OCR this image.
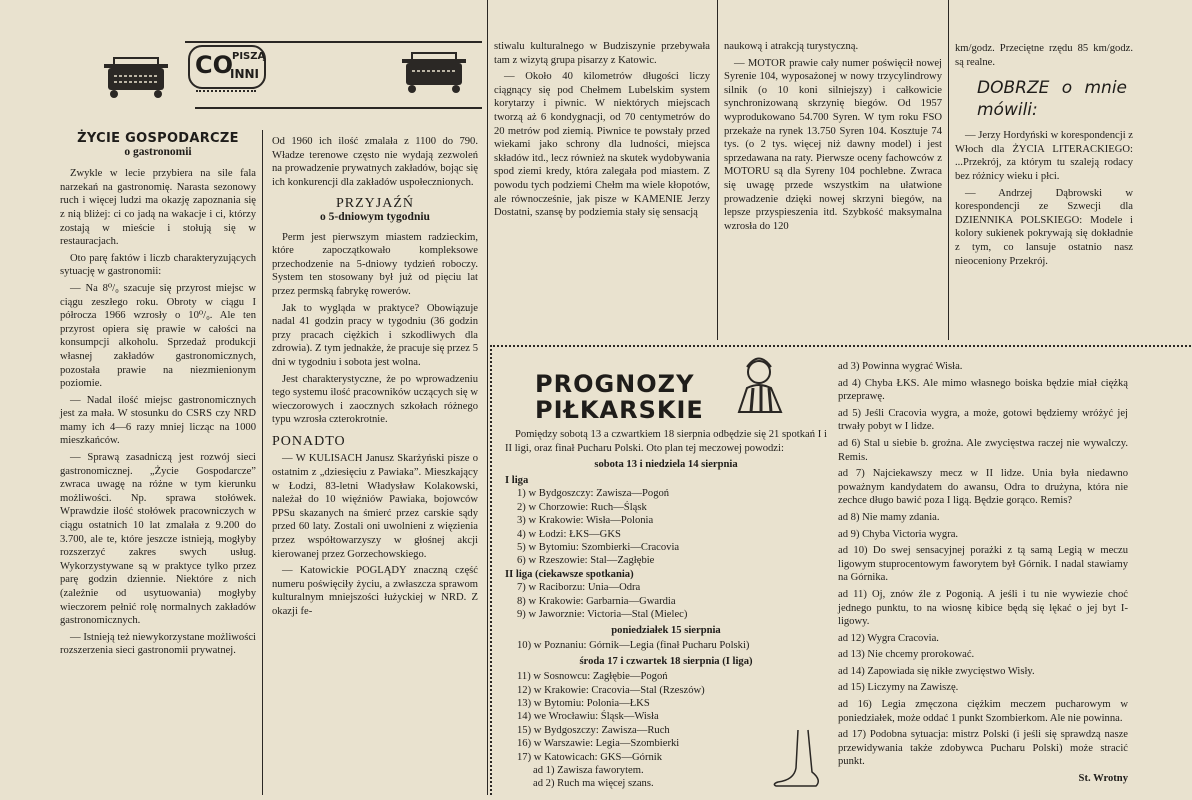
CO
PISZĄ
INNI
ŻYCIE GOSPODARCZE
o gastronomii

Zwykle w lecie przybiera na sile fala narzekań na gastronomię. Narasta sezonowy ruch i więcej ludzi ma okazję zapoznania się z nią bliżej: ci co jadą na wakacje i ci, którzy zostają w mieście i stołują się w restauracjach.

Oto parę faktów i liczb charakteryzujących sytuację w gastronomii:

— Na 8⁰/₀ szacuje się przyrost miejsc w ciągu zeszłego roku. Obroty w ciągu I półrocza 1966 wzrosły o 10⁰/₀. Ale ten przyrost opiera się prawie w całości na konsumpcji alkoholu. Sprzedaż produkcji własnej zakładów gastronomicznych, pozostała prawie na niezmienionym poziomie.

— Nadal ilość miejsc gastronomicznych jest za mała. W stosunku do CSRS czy NRD mamy ich 4—6 razy mniej licząc na 1000 mieszkańców.

— Sprawą zasadniczą jest rozwój sieci gastronomicznej. „Życie Gospodarcze” zwraca uwagę na różne w tym kierunku możliwości. Np. sprawa stołówek. Wprawdzie ilość stołówek pracowniczych w ciągu ostatnich 10 lat zmalała z 9.200 do 3.700, ale te, które jeszcze istnieją, mogłyby rozszerzyć zakres swych usług. Wykorzystywane są w praktyce tylko przez parę godzin dziennie. Niektóre z nich (zależnie od usytuowania) mogłyby wieczorem pełnić rolę normalnych zakładów gastronomicznych.

— Istnieją też niewykorzystane możliwości rozszerzenia sieci gastronomii prywatnej.

Od 1960 ich ilość zmalała z 1100 do 790. Władze terenowe często nie wydają zezwoleń na prowadzenie prywatnych zakładów, bojąc się ich konkurencji dla zakładów uspołecznionych.

PRZYJAŹŃ
o 5-dniowym tygodniu

Perm jest pierwszym miastem radzieckim, które zapoczątkowało kompleksowe przechodzenie na 5-dniowy tydzień roboczy. System ten stosowany był już od pięciu lat przez permską fabrykę rowerów.

Jak to wygląda w praktyce? Obowiązuje nadal 41 godzin pracy w tygodniu (36 godzin przy pracach ciężkich i szkodliwych dla zdrowia). Z tym jednakże, że pracuje się przez 5 dni w tygodniu i sobota jest wolna.

Jest charakterystyczne, że po wprowadzeniu tego systemu ilość pracowników uczących się w wieczorowych i zaocznych szkołach różnego typu wzrosła czterokrotnie.

PONADTO

— W KULISACH Janusz Skarżyński pisze o ostatnim z „dziesięciu z Pawiaka”. Mieszkający w Łodzi, 83-letni Władysław Kolakowski, należał do 10 więźniów Pawiaka, bojowców PPSu skazanych na śmierć przez carskie sądy przed 60 laty. Zostali oni uwolnieni z więzienia przez współtowarzyszy w głośnej akcji kierowanej przez Gorzechowskiego.

— Katowickie POGLĄDY znaczną część numeru poświęciły życiu, a zwłaszcza sprawom kulturalnym mniejszości łużyckiej w NRD. Z okazji fe-

stiwalu kulturalnego w Budziszynie przebywała tam z wizytą grupa pisarzy z Katowic.

— Około 40 kilometrów długości liczy ciągnący się pod Chełmem Lubelskim system korytarzy i piwnic. W niektórych miejscach tworzą aż 6 kondygnacji, od 70 centymetrów do 20 metrów pod ziemią. Piwnice te powstały przed wiekami jako schrony dla ludności, miejsca składów itd., lecz również na skutek wydobywania spod ziemi kredy, która zalegała pod miastem. Z powodu tych podziemi Chełm ma wiele kłopotów, ale równocześnie, jak pisze w KAMENIE Jerzy Dostatni, szansę by podziemia stały się sensacją

naukową i atrakcją turystyczną.

— MOTOR prawie cały numer poświęcił nowej Syrenie 104, wyposażonej w nowy trzycylindrowy silnik (o 10 koni silniejszy) i całkowicie synchronizowaną skrzynię biegów. Od 1957 wyprodukowano 54.700 Syren. W tym roku FSO przekaże na rynek 13.750 Syren 104. Kosztuje 74 tys. (o 2 tys. więcej niż dawny model) i jest sprzedawana na raty. Pierwsze oceny fachowców z MOTORU są dla Syreny 104 pochlebne. Zwraca się uwagę przede wszystkim na ułatwione prowadzenie dzięki nowej skrzyni biegów, na lepsze przyspieszenia itd. Szybkość maksymalna wzrosła do 120

km/godz. Przeciętne rzędu 85 km/godz. są realne.

DOBRZE o mnie mówili:

— Jerzy Hordyński w korespondencji z Włoch dla ŻYCIA LITERACKIEGO: ...Przekrój, za którym tu szaleją rodacy bez różnicy wieku i płci.

— Andrzej Dąbrowski w korespondencji ze Szwecji dla DZIENNIKA POLSKIEGO: Modele i kolory sukienek pokrywają się dokładnie z tym, co lansuje ostatnio nasz nieoceniony Przekrój.

PROGNOZY
PIŁKARSKIE

Pomiędzy sobotą 13 a czwartkiem 18 sierpnia odbędzie się 21 spotkań I i II ligi, oraz finał Pucharu Polski. Oto plan tej meczowej powodzi:

sobota 13 i niedziela 14 sierpnia
I liga
1) w Bydgoszczy: Zawisza—Pogoń
2) w Chorzowie: Ruch—Śląsk
3) w Krakowie: Wisła—Polonia
4) w Łodzi: ŁKS—GKS
5) w Bytomiu: Szombierki—Cracovia
6) w Rzeszowie: Stal—Zagłębie
II liga (ciekawsze spotkania)
7) w Raciborzu: Unia—Odra
8) w Krakowie: Garbarnia—Gwardia
9) w Jaworznie: Victoria—Stal (Mielec)
poniedziałek 15 sierpnia
10) w Poznaniu: Górnik—Legia (finał Pucharu Polski)
środa 17 i czwartek 18 sierpnia (I liga)
11) w Sosnowcu: Zagłębie—Pogoń
12) w Krakowie: Cracovia—Stal (Rzeszów)
13) w Bytomiu: Polonia—ŁKS
14) we Wrocławiu: Śląsk—Wisła
15) w Bydgoszczy: Zawisza—Ruch
16) w Warszawie: Legia—Szombierki
17) w Katowicach: GKS—Górnik
ad 1) Zawisza faworytem.
ad 2) Ruch ma więcej szans.

ad 3) Powinna wygrać Wisła.

ad 4) Chyba ŁKS. Ale mimo własnego boiska będzie miał ciężką przeprawę.

ad 5) Jeśli Cracovia wygra, a może, gotowi będziemy wróżyć jej trwały pobyt w I lidze.

ad 6) Stal u siebie b. groźna. Ale zwycięstwa raczej nie wywalczy. Remis.

ad 7) Najciekawszy mecz w II lidze. Unia była niedawno poważnym kandydatem do awansu, Odra to drużyna, która nie zechce długo bawić poza I ligą. Będzie gorąco. Remis?

ad 8) Nie mamy zdania.

ad 9) Chyba Victoria wygra.

ad 10) Do swej sensacyjnej porażki z tą samą Legią w meczu ligowym stuprocentowym faworytem był Górnik. I nadal stawiamy na Górnika.

ad 11) Oj, znów źle z Pogonią. A jeśli i tu nie wywiezie choć jednego punktu, to na wiosnę kibice będą się lękać o jej byt I-ligowy.

ad 12) Wygra Cracovia.

ad 13) Nie chcemy prorokować.

ad 14) Zapowiada się nikłe zwycięstwo Wisły.

ad 15) Liczymy na Zawiszę.

ad 16) Legia zmęczona ciężkim meczem pucharowym w poniedziałek, może oddać 1 punkt Szombierkom. Ale nie powinna.

ad 17) Podobna sytuacja: mistrz Polski (i jeśli się sprawdzą nasze przewidywania także zdobywca Pucharu Polski) może stracić punkt.

St. Wrotny
